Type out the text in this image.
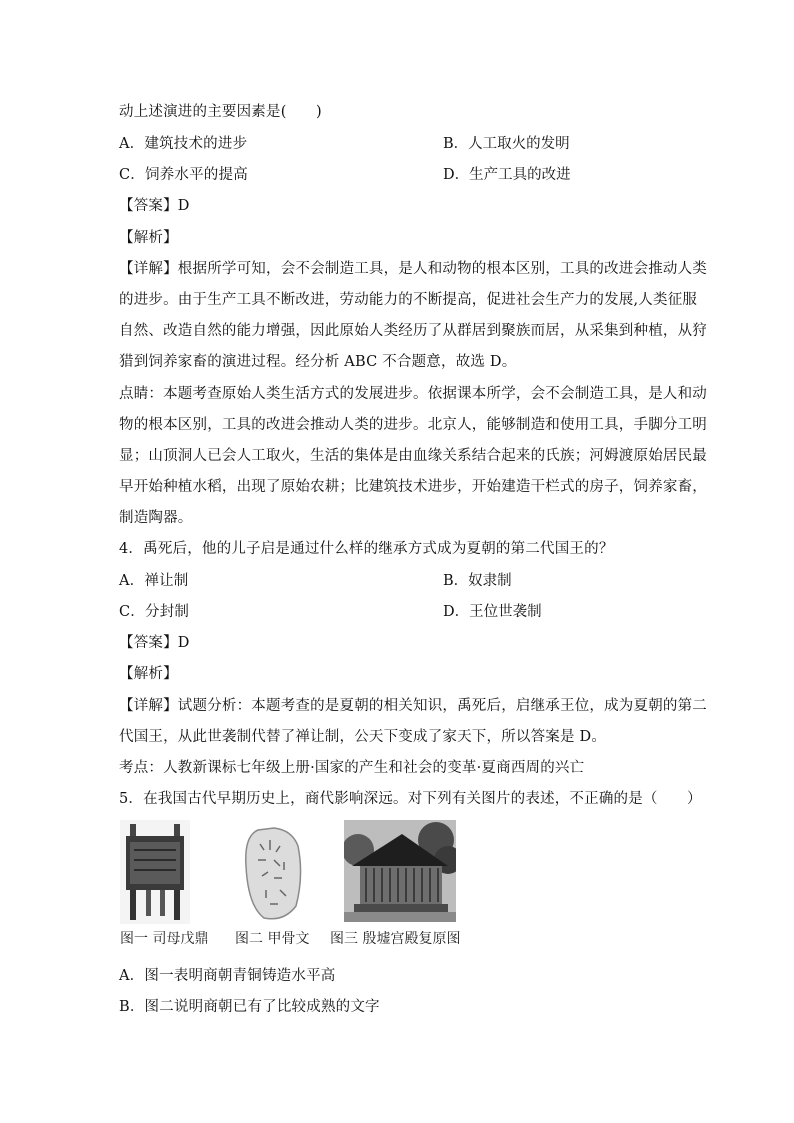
动上述演进的主要因素是(　　)
A．建筑技术的进步	B．人工取火的发明
C．饲养水平的提高	D．生产工具的改进
【答案】D
【解析】
【详解】根据所学可知，会不会制造工具，是人和动物的根本区别，工具的改进会推动人类
的进步。由于生产工具不断改进，劳动能力的不断提高，促进社会生产力的发展,人类征服
自然、改造自然的能力增强，因此原始人类经历了从群居到聚族而居，从采集到种植，从狩
猎到饲养家畜的演进过程。经分析 ABC 不合题意，故选 D。
点睛：本题考查原始人类生活方式的发展进步。依据课本所学，会不会制造工具，是人和动
物的根本区别，工具的改进会推动人类的进步。北京人，能够制造和使用工具，手脚分工明
显；山顶洞人已会人工取火，生活的集体是由血缘关系结合起来的氏族；河姆渡原始居民最
早开始种植水稻，出现了原始农耕；比建筑技术进步，开始建造干栏式的房子，饲养家畜，
制造陶器。
4．禹死后，他的儿子启是通过什么样的继承方式成为夏朝的第二代国王的？
A．禅让制	B．奴隶制
C．分封制	D．王位世袭制
【答案】D
【解析】
【详解】试题分析：本题考查的是夏朝的相关知识，禹死后，启继承王位，成为夏朝的第二
代国王，从此世袭制代替了禅让制，公天下变成了家天下，所以答案是 D。
考点：人教新课标七年级上册·国家的产生和社会的变革·夏商西周的兴亡
5．在我国古代早期历史上，商代影响深远。对下列有关图片的表述，不正确的是（　　）
图一 司母戊鼎 图二 甲骨文 图三 殷墟宫殿复原图
A．图一表明商朝青铜铸造水平高
B．图二说明商朝已有了比较成熟的文字
